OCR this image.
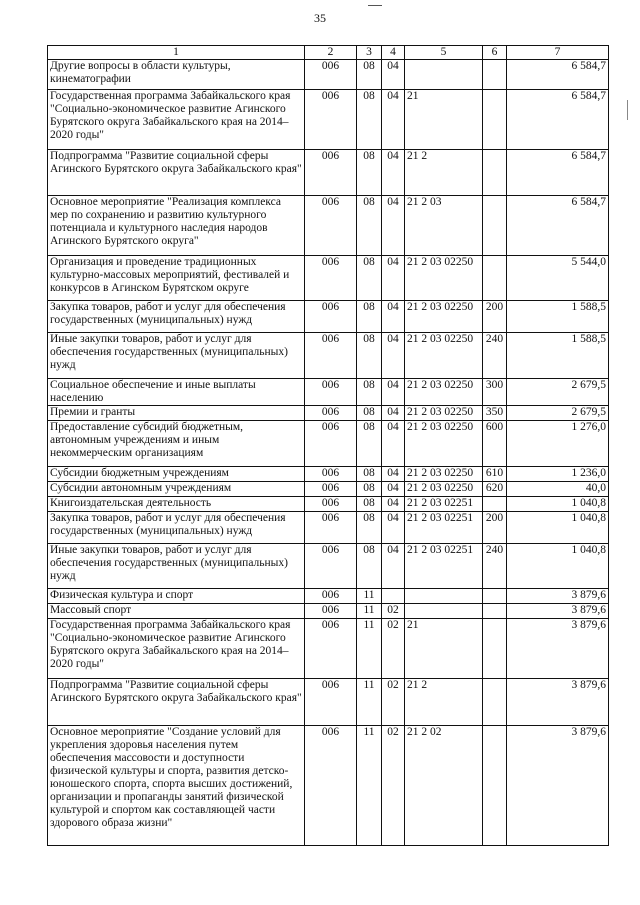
35
1	2	3	4	5	6	7
Другие вопросы в области культуры, кинематографии	006	08	04			6 584,7
Государственная программа Забайкальского края "Социально-экономическое развитие Агинского Бурятского округа Забайкальского края на 2014–2020 годы"	006	08	04	21		6 584,7
Подпрограмма "Развитие социальной сферы Агинского Бурятского округа Забайкальского края"	006	08	04	21 2		6 584,7
Основное мероприятие "Реализация комплекса мер по сохранению и развитию культурного потенциала и культурного наследия народов Агинского Бурятского округа"	006	08	04	21 2 03		6 584,7
Организация и проведение традиционных культурно-массовых мероприятий, фестивалей и конкурсов в Агинском Бурятском округе	006	08	04	21 2 03 02250		5 544,0
Закупка товаров, работ и услуг для обеспечения государственных (муниципальных) нужд	006	08	04	21 2 03 02250	200	1 588,5
Иные закупки товаров, работ и услуг для обеспечения государственных (муниципальных) нужд	006	08	04	21 2 03 02250	240	1 588,5
Социальное обеспечение и иные выплаты населению	006	08	04	21 2 03 02250	300	2 679,5
Премии и гранты	006	08	04	21 2 03 02250	350	2 679,5
Предоставление субсидий бюджетным, автономным учреждениям и иным некоммерческим организациям	006	08	04	21 2 03 02250	600	1 276,0
Субсидии бюджетным учреждениям	006	08	04	21 2 03 02250	610	1 236,0
Субсидии автономным учреждениям	006	08	04	21 2 03 02250	620	40,0
Книгоиздательская деятельность	006	08	04	21 2 03 02251		1 040,8
Закупка товаров, работ и услуг для обеспечения государственных (муниципальных) нужд	006	08	04	21 2 03 02251	200	1 040,8
Иные закупки товаров, работ и услуг для обеспечения государственных (муниципальных) нужд	006	08	04	21 2 03 02251	240	1 040,8
Физическая культура и спорт	006	11				3 879,6
Массовый спорт	006	11	02			3 879,6
Государственная программа Забайкальского края "Социально-экономическое развитие Агинского Бурятского округа Забайкальского края на 2014–2020 годы"	006	11	02	21		3 879,6
Подпрограмма "Развитие социальной сферы Агинского Бурятского округа Забайкальского края"	006	11	02	21 2		3 879,6
Основное мероприятие "Создание условий для укрепления здоровья населения путем обеспечения массовости и доступности физической культуры и спорта, развития детско-юношеского спорта, спорта высших достижений, организации и пропаганды занятий физической культурой и спортом как составляющей части здорового образа жизни"	006	11	02	21 2 02		3 879,6
